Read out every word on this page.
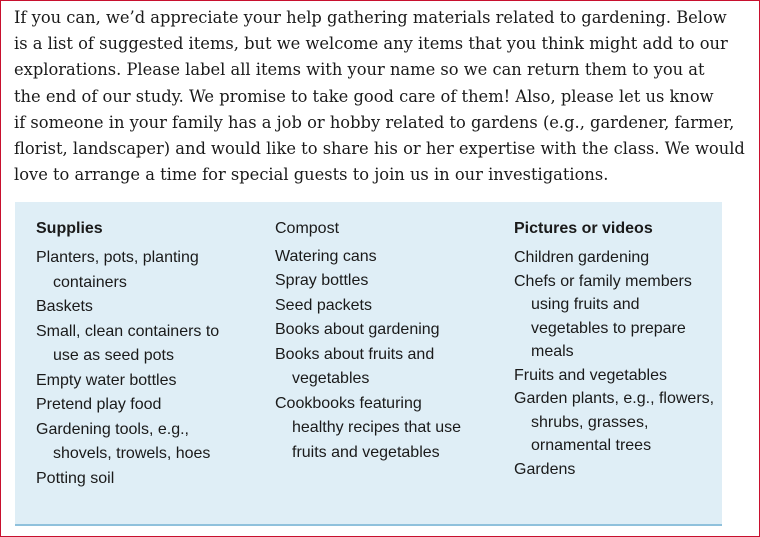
If you can, we’d appreciate your help gathering materials related to gardening. Below
is a list of suggested items, but we welcome any items that you think might add to our
explorations. Please label all items with your name so we can return them to you at
the end of our study. We promise to take good care of them! Also, please let us know
if someone in your family has a job or hobby related to gardens (e.g., gardener, farmer,
florist, landscaper) and would like to share his or her expertise with the class. We would
love to arrange a time for special guests to join us in our investigations.
Supplies

Planters, pots, planting containers

Baskets

Small, clean containers to use as seed pots

Empty water bottles

Pretend play food

Gardening tools, e.g., shovels, trowels, hoes

Potting soil

Compost

Watering cans

Spray bottles

Seed packets

Books about gardening

Books about fruits and vegetables

Cookbooks featuring healthy recipes that use fruits and vegetables

Pictures or videos

Children gardening

Chefs or family members using fruits and vegetables to prepare meals

Fruits and vegetables

Garden plants, e.g., flowers, shrubs, grasses, ornamental trees

Gardens
